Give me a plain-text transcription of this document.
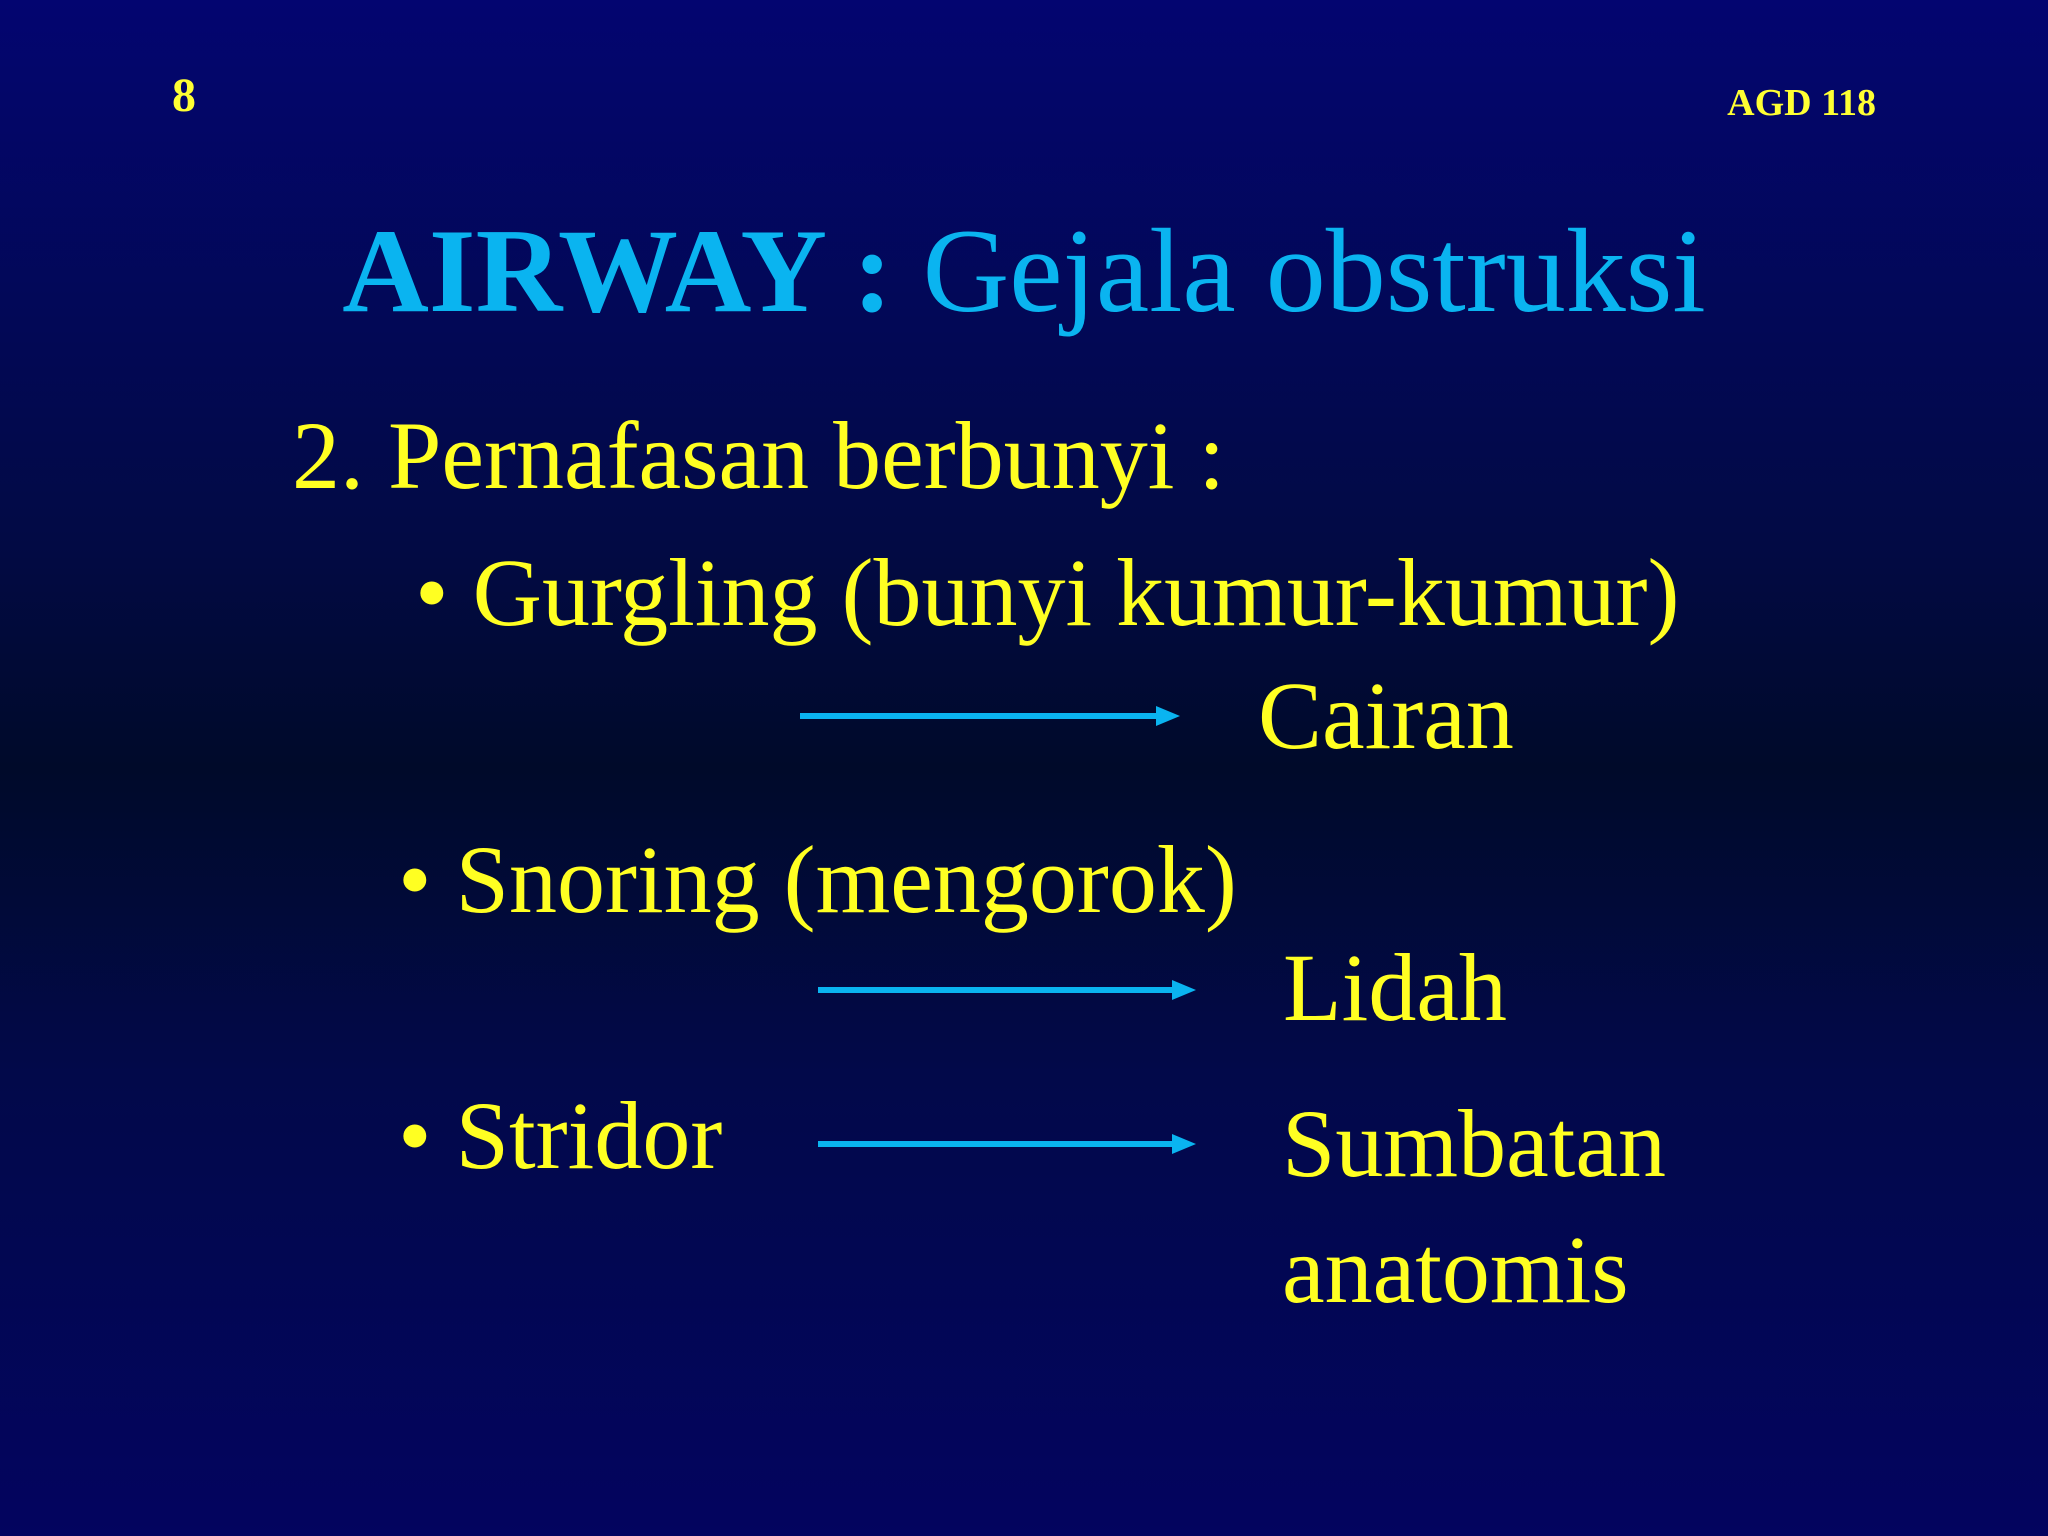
8	AGD 118
AIRWAY : Gejala obstruksi
2. Pernafasan berbunyi :
• Gurgling (bunyi kumur-kumur)
Cairan
• Snoring (mengorok)
Lidah
• Stridor	Sumbatan
anatomis
